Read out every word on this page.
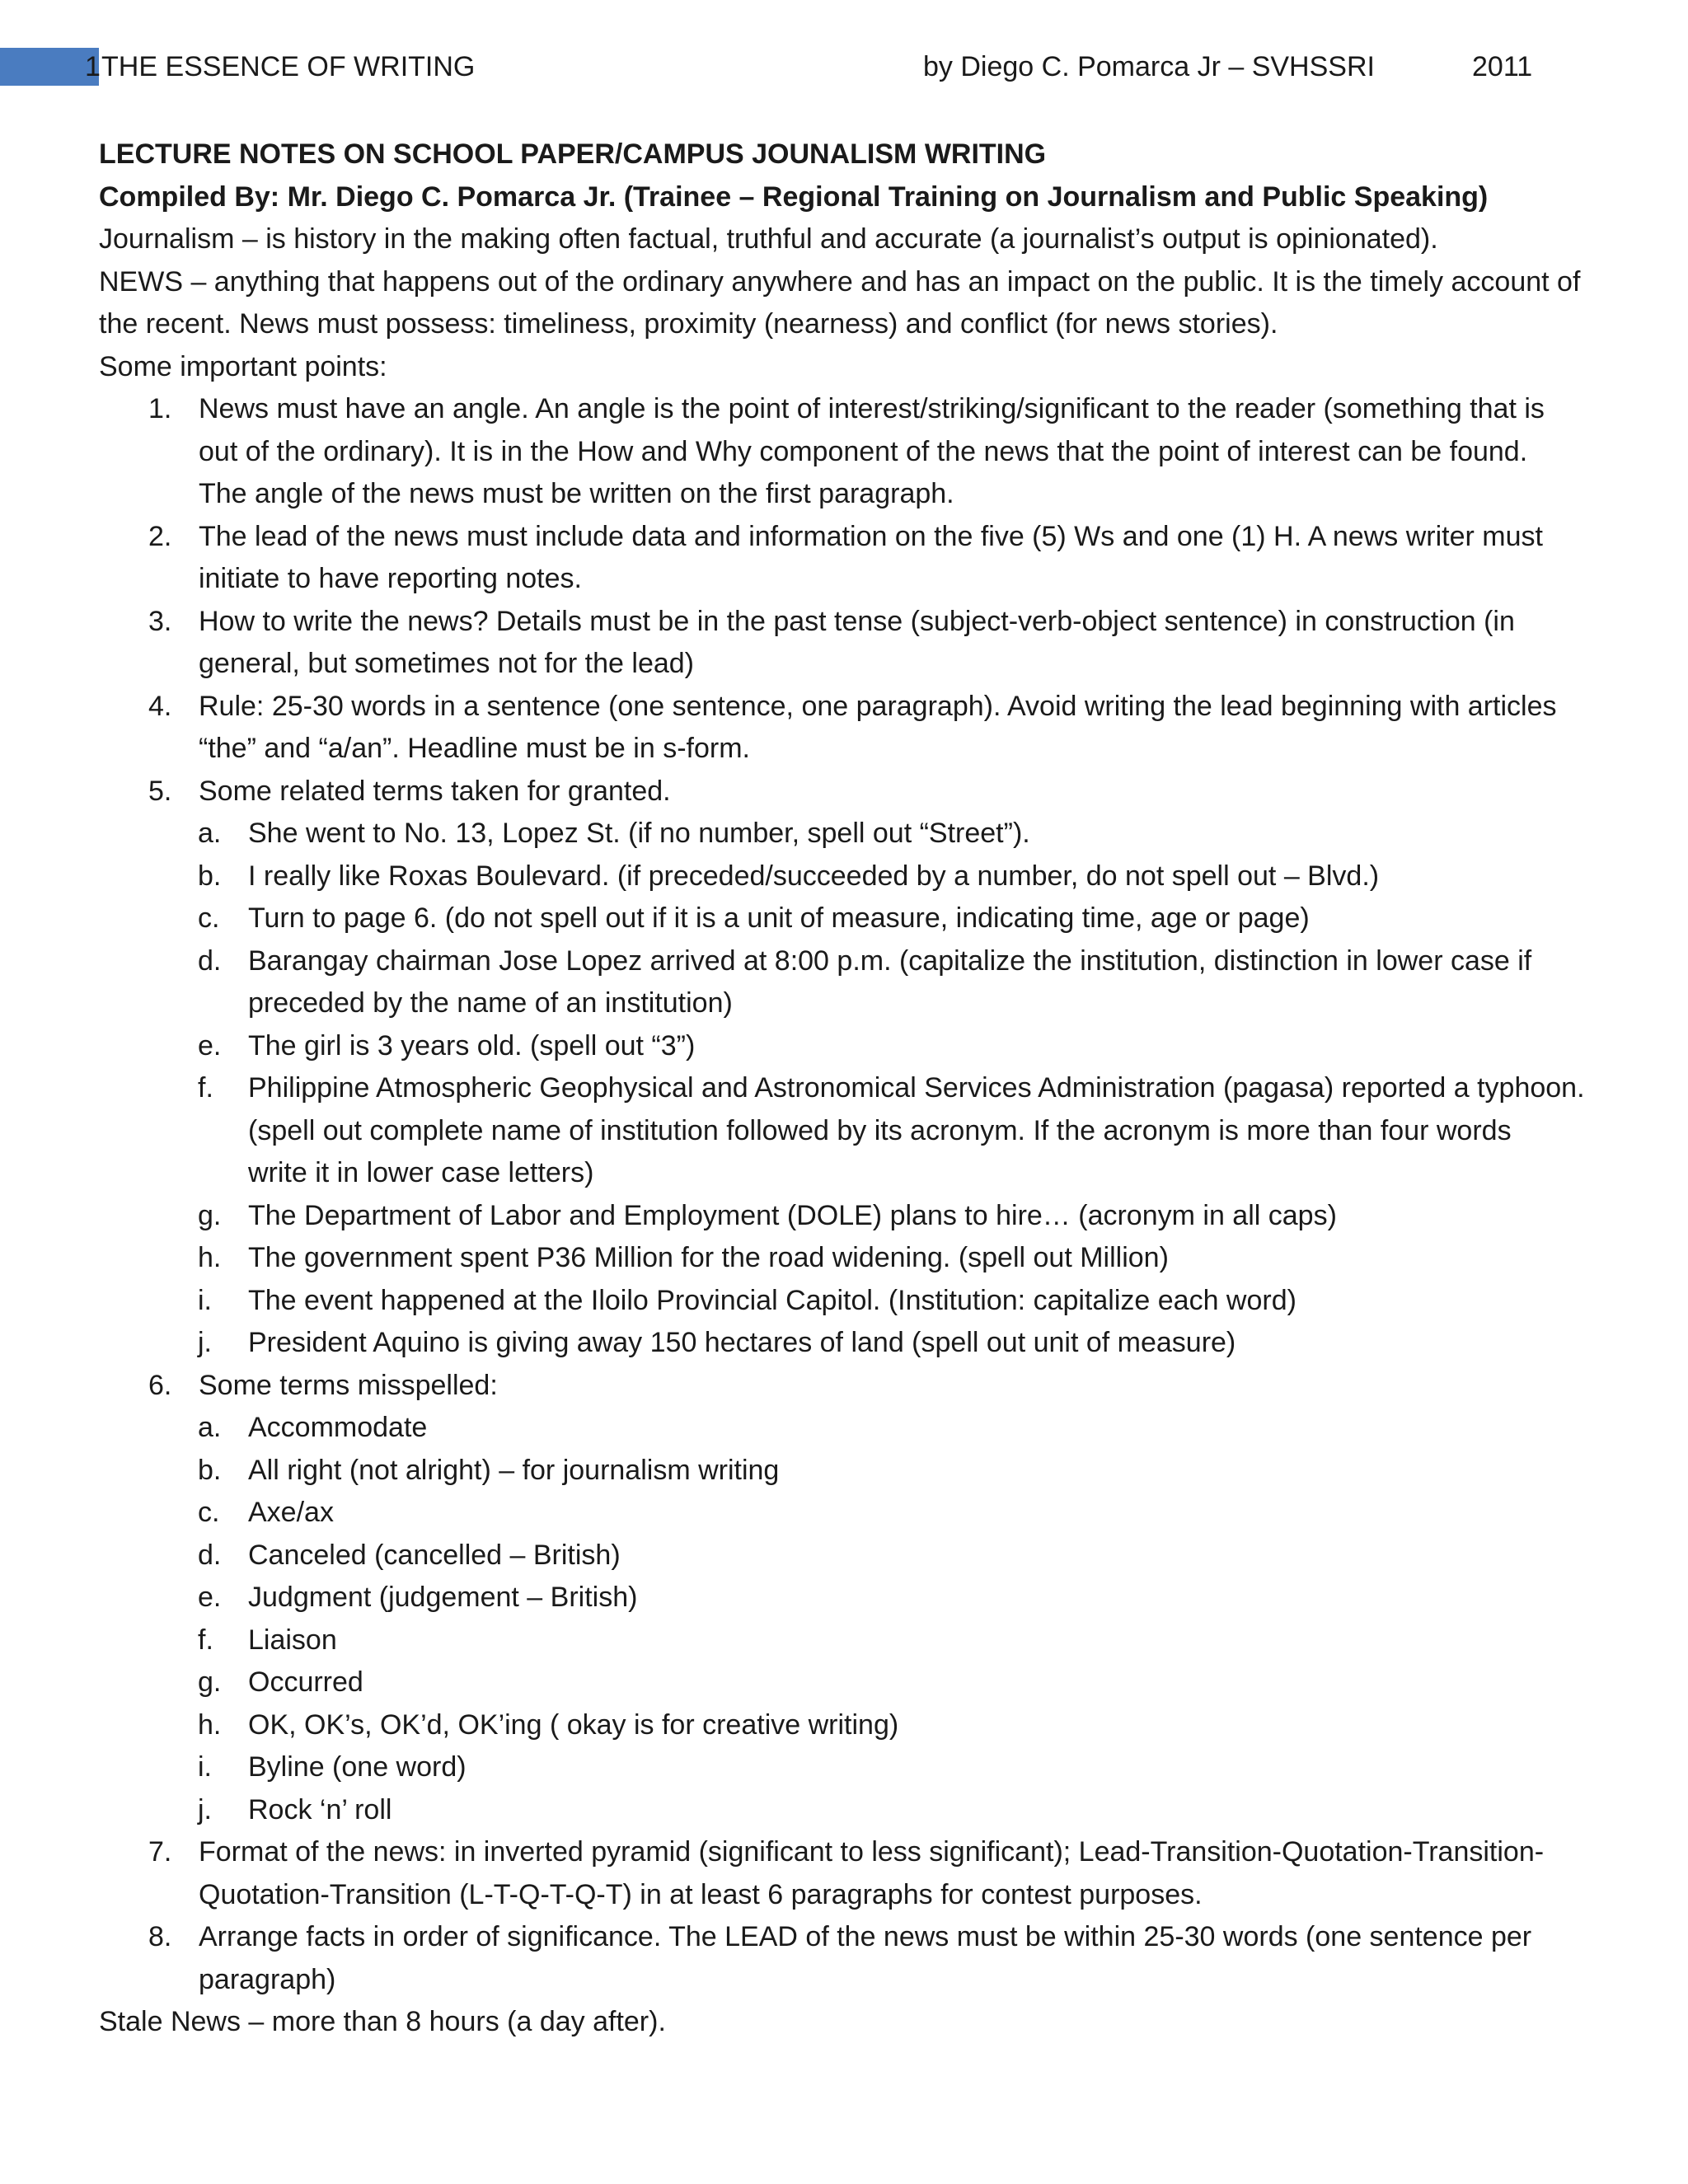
1 THE ESSENCE OF WRITING	by Diego C. Pomarca Jr – SVHSSRI	2011
LECTURE NOTES ON SCHOOL PAPER/CAMPUS JOUNALISM WRITING
Compiled By: Mr. Diego C. Pomarca Jr. (Trainee – Regional Training on Journalism and Public Speaking)
Journalism – is history in the making often factual, truthful and accurate (a journalist’s output is opinionated).
NEWS – anything that happens out of the ordinary anywhere and has an impact on the public. It is the timely account of
the recent. News must possess: timeliness, proximity (nearness) and conflict (for news stories).
Some important points:
1. News must have an angle. An angle is the point of interest/striking/significant to the reader (something that is
out of the ordinary). It is in the How and Why component of the news that the point of interest can be found.
The angle of the news must be written on the first paragraph.
2. The lead of the news must include data and information on the five (5) Ws and one (1) H. A news writer must
initiate to have reporting notes.
3. How to write the news? Details must be in the past tense (subject-verb-object sentence) in construction (in
general, but sometimes not for the lead)
4. Rule: 25-30 words in a sentence (one sentence, one paragraph). Avoid writing the lead beginning with articles
“the” and “a/an”. Headline must be in s-form.
5. Some related terms taken for granted.
a. She went to No. 13, Lopez St. (if no number, spell out “Street”).
b. I really like Roxas Boulevard. (if preceded/succeeded by a number, do not spell out – Blvd.)
c. Turn to page 6. (do not spell out if it is a unit of measure, indicating time, age or page)
d. Barangay chairman Jose Lopez arrived at 8:00 p.m. (capitalize the institution, distinction in lower case if
preceded by the name of an institution)
e. The girl is 3 years old. (spell out “3”)
f. Philippine Atmospheric Geophysical and Astronomical Services Administration (pagasa) reported a typhoon.
(spell out complete name of institution followed by its acronym. If the acronym is more than four words
write it in lower case letters)
g. The Department of Labor and Employment (DOLE) plans to hire… (acronym in all caps)
h. The government spent P36 Million for the road widening. (spell out Million)
i. The event happened at the Iloilo Provincial Capitol. (Institution: capitalize each word)
j. President Aquino is giving away 150 hectares of land (spell out unit of measure)
6. Some terms misspelled:
a. Accommodate
b. All right (not alright) – for journalism writing
c. Axe/ax
d. Canceled (cancelled – British)
e. Judgment (judgement – British)
f. Liaison
g. Occurred
h. OK, OK’s, OK’d, OK’ing ( okay is for creative writing)
i. Byline (one word)
j. Rock ‘n’ roll
7. Format of the news: in inverted pyramid (significant to less significant); Lead-Transition-Quotation-Transition-
Quotation-Transition (L-T-Q-T-Q-T) in at least 6 paragraphs for contest purposes.
8. Arrange facts in order of significance. The LEAD of the news must be within 25-30 words (one sentence per
paragraph)
Stale News – more than 8 hours (a day after).
